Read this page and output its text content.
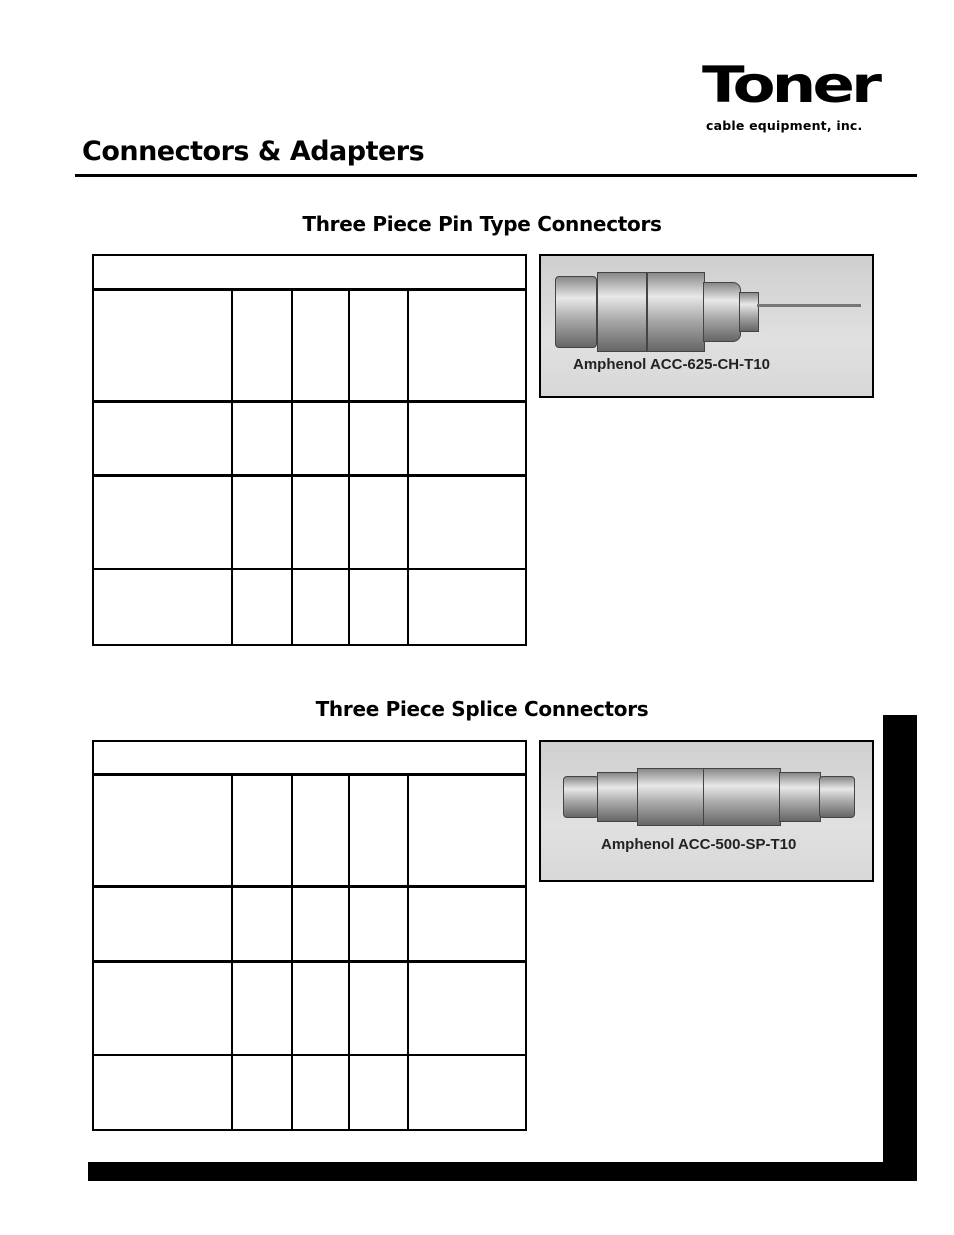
Toner
cable equipment, inc.
Connectors & Adapters
Three Piece Pin Type Connectors
Amphenol ACC-625-CH-T10
Three Piece Splice Connectors
Amphenol ACC-500-SP-T10
